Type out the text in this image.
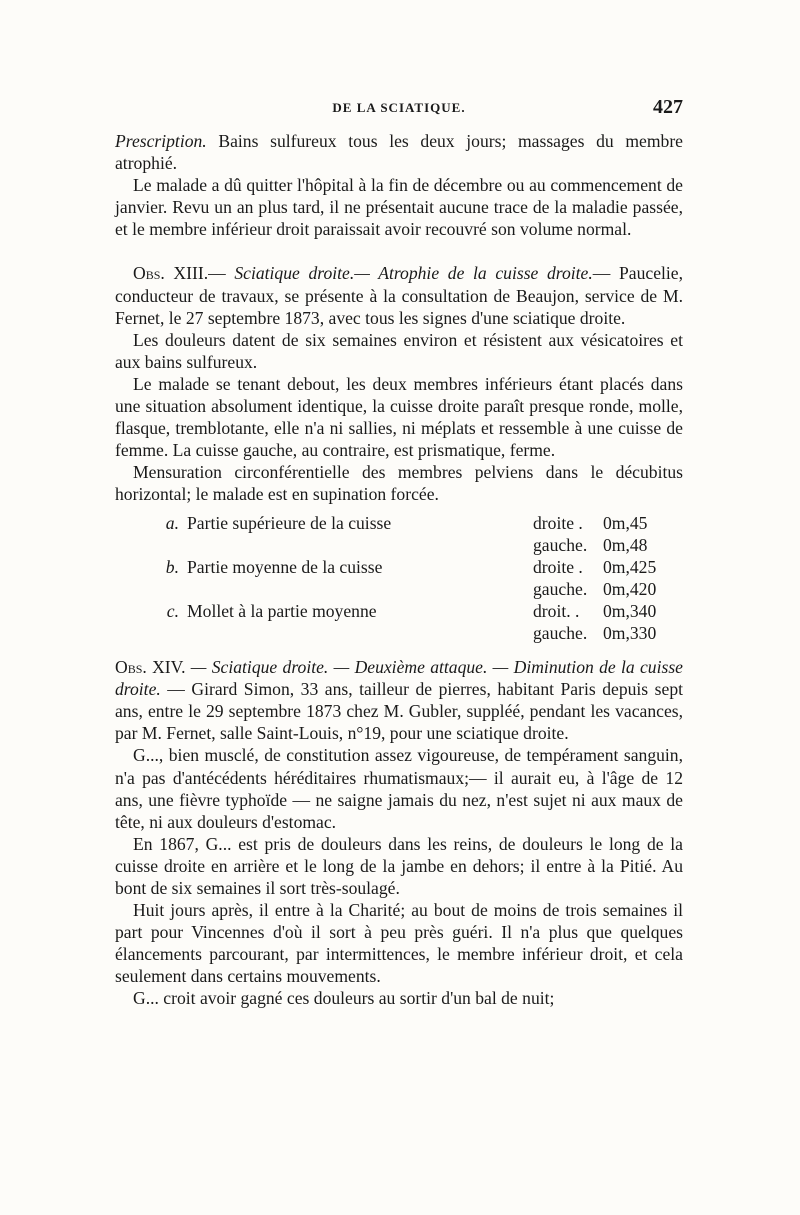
DE LA SCIATIQUE.	427

Prescription. Bains sulfureux tous les deux jours; massages du membre atrophié.

Le malade a dû quitter l'hôpital à la fin de décembre ou au commencement de janvier. Revu un an plus tard, il ne présentait aucune trace de la maladie passée, et le membre inférieur droit paraissait avoir recouvré son volume normal.

Obs. XIII.— Sciatique droite.— Atrophie de la cuisse droite.— Paucelie, conducteur de travaux, se présente à la consultation de Beaujon, service de M. Fernet, le 27 septembre 1873, avec tous les signes d'une sciatique droite.

Les douleurs datent de six semaines environ et résistent aux vésicatoires et aux bains sulfureux.

Le malade se tenant debout, les deux membres inférieurs étant placés dans une situation absolument identique, la cuisse droite paraît presque ronde, molle, flasque, tremblotante, elle n'a ni sallies, ni méplats et ressemble à une cuisse de femme. La cuisse gauche, au contraire, est prismatique, ferme.

Mensuration circonférentielle des membres pelviens dans le décubitus horizontal; le malade est en supination forcée.

a. Partie supérieure de la cuisse	droite .	0m,45
gauche. 0m,48
b. Partie moyenne de la cuisse	droite .	0m,425
gauche. 0m,420
c. Mollet à la partie moyenne	droit. .	0m,340
gauche. 0m,330

Obs. XIV. — Sciatique droite. — Deuxième attaque. — Diminution de la cuisse droite. — Girard Simon, 33 ans, tailleur de pierres, habitant Paris depuis sept ans, entre le 29 septembre 1873 chez M. Gubler, suppléé, pendant les vacances, par M. Fernet, salle Saint-Louis, n°19, pour une sciatique droite.

G..., bien musclé, de constitution assez vigoureuse, de tempérament sanguin, n'a pas d'antécédents héréditaires rhumatismaux;— il aurait eu, à l'âge de 12 ans, une fièvre typhoïde — ne saigne jamais du nez, n'est sujet ni aux maux de tête, ni aux douleurs d'estomac.

En 1867, G... est pris de douleurs dans les reins, de douleurs le long de la cuisse droite en arrière et le long de la jambe en dehors; il entre à la Pitié. Au bont de six semaines il sort très-soulagé.

Huit jours après, il entre à la Charité; au bout de moins de trois semaines il part pour Vincennes d'où il sort à peu près guéri. Il n'a plus que quelques élancements parcourant, par intermittences, le membre inférieur droit, et cela seulement dans certains mouvements.

G... croit avoir gagné ces douleurs au sortir d'un bal de nuit;
